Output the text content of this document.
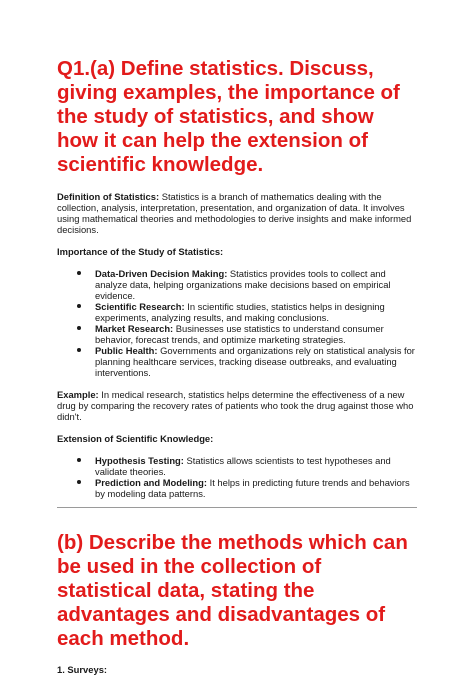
Q1.(a) Define statistics. Discuss, giving examples, the importance of the study of statistics, and show how it can help the extension of scientific knowledge.

Definition of Statistics: Statistics is a branch of mathematics dealing with the collection, analysis, interpretation, presentation, and organization of data. It involves using mathematical theories and methodologies to derive insights and make informed decisions.

Importance of the Study of Statistics:

Data-Driven Decision Making: Statistics provides tools to collect and analyze data, helping organizations make decisions based on empirical evidence.
Scientific Research: In scientific studies, statistics helps in designing experiments, analyzing results, and making conclusions.
Market Research: Businesses use statistics to understand consumer behavior, forecast trends, and optimize marketing strategies.
Public Health: Governments and organizations rely on statistical analysis for planning healthcare services, tracking disease outbreaks, and evaluating interventions.

Example: In medical research, statistics helps determine the effectiveness of a new drug by comparing the recovery rates of patients who took the drug against those who didn't.

Extension of Scientific Knowledge:

Hypothesis Testing: Statistics allows scientists to test hypotheses and validate theories.
Prediction and Modeling: It helps in predicting future trends and behaviors by modeling data patterns.
(b) Describe the methods which can be used in the collection of statistical data, stating the advantages and disadvantages of each method.

1. Surveys:
